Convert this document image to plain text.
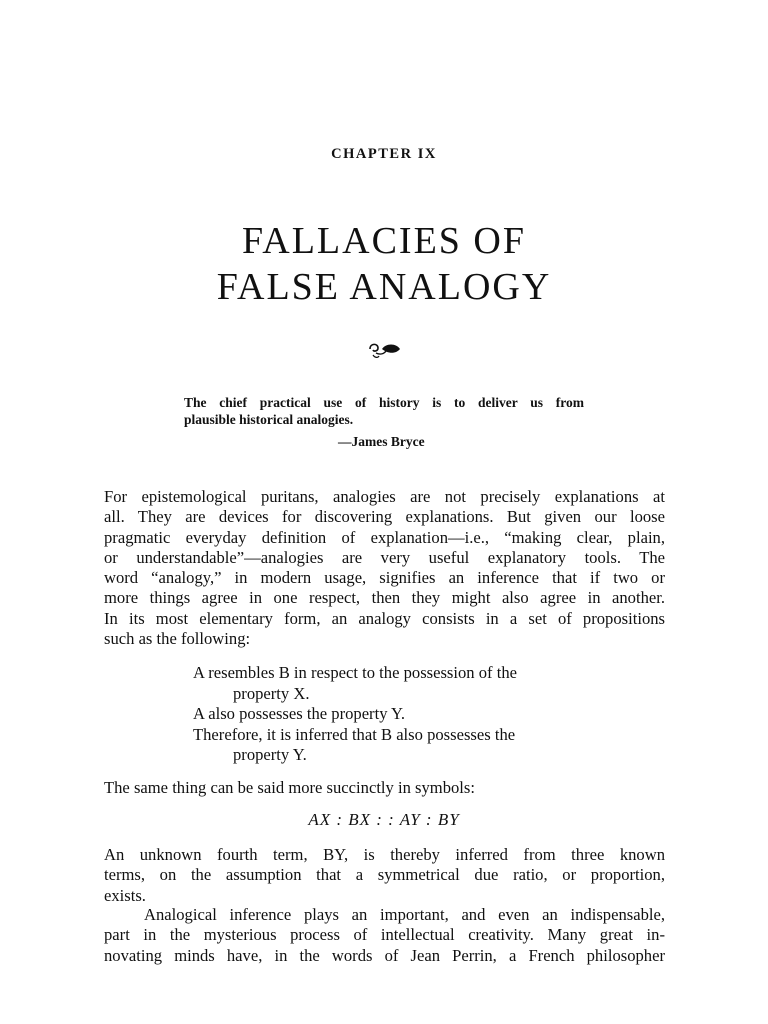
CHAPTER IX
FALLACIES OF
FALSE ANALOGY
The chief practical use of history is to deliver us from
plausible historical analogies.
—James Bryce
For epistemological puritans, analogies are not precisely explanations at
all. They are devices for discovering explanations. But given our loose
pragmatic everyday definition of explanation—i.e., “making clear, plain,
or understandable”—analogies are very useful explanatory tools. The
word “analogy,” in modern usage, signifies an inference that if two or
more things agree in one respect, then they might also agree in another.
In its most elementary form, an analogy consists in a set of propositions
such as the following:
A resembles B in respect to the possession of the
property X.
A also possesses the property Y.
Therefore, it is inferred that B also possesses the
property Y.
The same thing can be said more succinctly in symbols:
AX : BX : : AY : BY
An unknown fourth term, BY, is thereby inferred from three known
terms, on the assumption that a symmetrical due ratio, or proportion,
exists.
Analogical inference plays an important, and even an indispensable,
part in the mysterious process of intellectual creativity. Many great in-
novating minds have, in the words of Jean Perrin, a French philosopher
